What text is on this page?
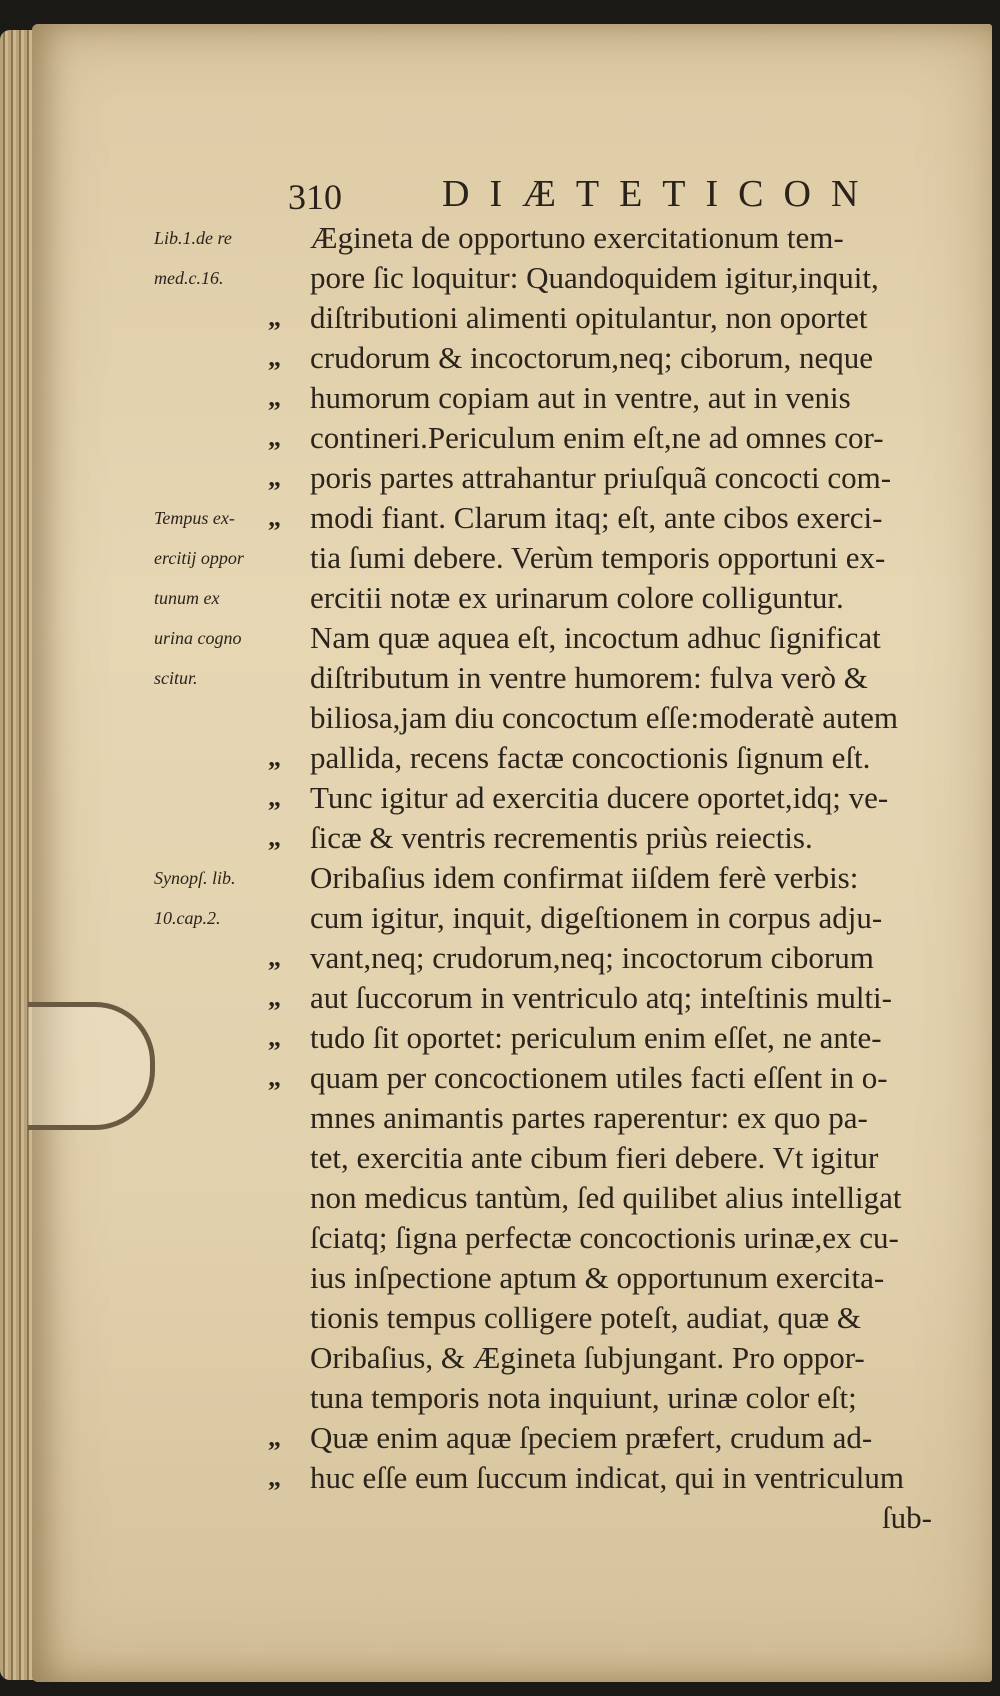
310	DIÆTETICON
Lib.1.de re
med.c.16.
Tempus ex-
ercitij oppor
tunum ex
urina cogno
scitur.
Synopſ. lib.
10.cap.2.
Ægineta de opportuno exercitationum tem-
pore ſic loquitur: Quandoquidem igitur,inquit,
„ diſtributioni alimenti opitulantur, non oportet
„ crudorum & incoctorum,neq; ciborum, neque
„ humorum copiam aut in ventre, aut in venis
„ contineri.Periculum enim eſt,ne ad omnes cor-
„ poris partes attrahantur priuſquã concocti com-
„ modi fiant. Clarum itaq; eſt, ante cibos exerci-
tia ſumi debere. Verùm temporis opportuni ex-
ercitii notæ ex urinarum colore colliguntur.
Nam quæ aquea eſt, incoctum adhuc ſignificat
diſtributum in ventre humorem: fulva verò &
biliosa,jam diu concoctum eſſe:moderatè autem
„ pallida, recens factæ concoctionis ſignum eſt.
„ Tunc igitur ad exercitia ducere oportet,idq; ve-
„ ſicæ & ventris recrementis priùs reiectis.
Oribaſius idem confirmat iiſdem ferè verbis:
cum igitur, inquit, digeſtionem in corpus adju-
„ vant,neq; crudorum,neq; incoctorum ciborum
„ aut ſuccorum in ventriculo atq; inteſtinis multi-
„ tudo ſit oportet: periculum enim eſſet, ne ante-
„ quam per concoctionem utiles facti eſſent in o-
mnes animantis partes raperentur: ex quo pa-
tet, exercitia ante cibum fieri debere. Vt igitur
non medicus tantùm, ſed quilibet alius intelligat
ſciatq; ſigna perfectæ concoctionis urinæ,ex cu-
ius inſpectione aptum & opportunum exercita-
tionis tempus colligere poteſt, audiat, quæ &
Oribaſius, & Ægineta ſubjungant. Pro oppor-
tuna temporis nota inquiunt, urinæ color eſt;
„ Quæ enim aquæ ſpeciem præfert, crudum ad-
„ huc eſſe eum ſuccum indicat, qui in ventriculum
ſub-
